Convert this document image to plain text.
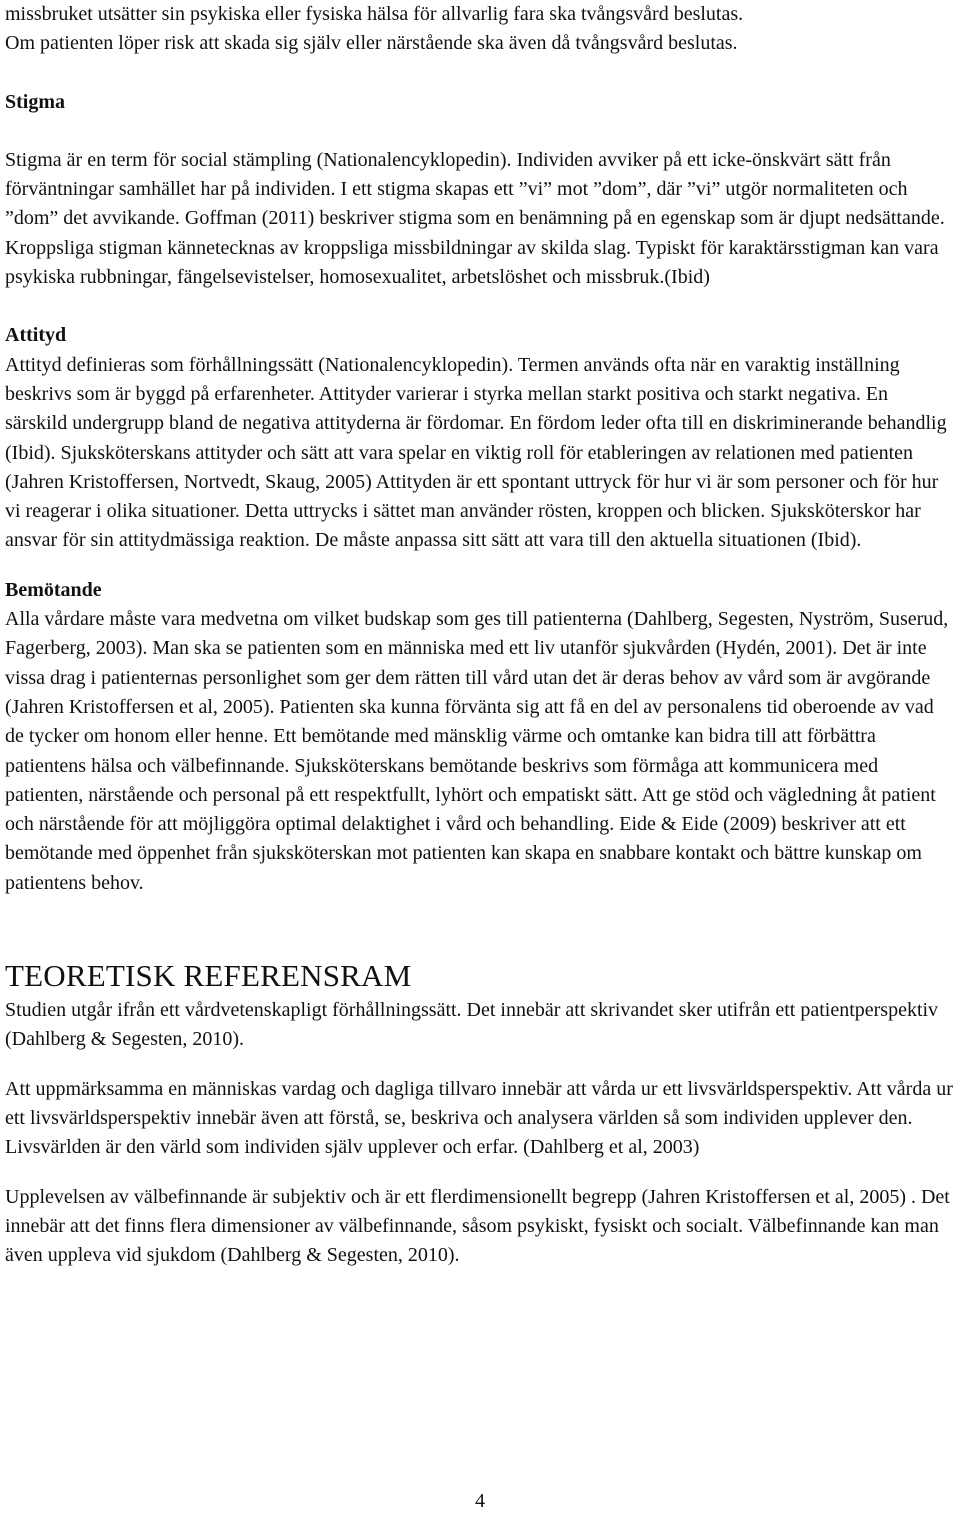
missbruket utsätter sin psykiska eller fysiska hälsa för allvarlig fara ska tvångsvård beslutas.

Om patienten löper risk att skada sig själv eller närstående ska även då tvångsvård beslutas.

Stigma

Stigma är en term för social stämpling (Nationalencyklopedin). Individen avviker på ett icke-önskvärt sätt från förväntningar samhället har på individen. I ett stigma skapas ett ”vi” mot ”dom”, där ”vi” utgör normaliteten och ”dom” det avvikande. Goffman (2011) beskriver stigma som en benämning på en egenskap som är djupt nedsättande. Kroppsliga stigman kännetecknas av kroppsliga missbildningar av skilda slag. Typiskt för karaktärsstigman kan vara psykiska rubbningar, fängelsevistelser, homosexualitet, arbetslöshet och missbruk.(Ibid)

Attityd

Attityd definieras som förhållningssätt (Nationalencyklopedin). Termen används ofta när en varaktig inställning beskrivs som är byggd på erfarenheter. Attityder varierar i styrka mellan starkt positiva och starkt negativa. En särskild undergrupp bland de negativa attityderna är fördomar. En fördom leder ofta till en diskriminerande behandlig (Ibid). Sjuksköterskans attityder och sätt att vara spelar en viktig roll för etableringen av relationen med patienten (Jahren Kristoffersen, Nortvedt, Skaug, 2005) Attityden är ett spontant uttryck för hur vi är som personer och för hur vi reagerar i olika situationer. Detta uttrycks i sättet man använder rösten, kroppen och blicken. Sjuksköterskor har ansvar för sin attitydmässiga reaktion. De måste anpassa sitt sätt att vara till den aktuella situationen (Ibid).

Bemötande

Alla vårdare måste vara medvetna om vilket budskap som ges till patienterna (Dahlberg, Segesten, Nyström, Suserud, Fagerberg, 2003). Man ska se patienten som en människa med ett liv utanför sjukvården (Hydén, 2001). Det är inte vissa drag i patienternas personlighet som ger dem rätten till vård utan det är deras behov av vård som är avgörande (Jahren Kristoffersen et al, 2005). Patienten ska kunna förvänta sig att få en del av personalens tid oberoende av vad de tycker om honom eller henne. Ett bemötande med mänsklig värme och omtanke kan bidra till att förbättra patientens hälsa och välbefinnande. Sjuksköterskans bemötande beskrivs som förmåga att kommunicera med patienten, närstående och personal på ett respektfullt, lyhört och empatiskt sätt. Att ge stöd och vägledning åt patient och närstående för att möjliggöra optimal delaktighet i vård och behandling. Eide & Eide (2009) beskriver att ett bemötande med öppenhet från sjuksköterskan mot patienten kan skapa en snabbare kontakt och bättre kunskap om patientens behov.

TEORETISK REFERENSRAM

Studien utgår ifrån ett vårdvetenskapligt förhållningssätt. Det innebär att skrivandet sker utifrån ett patientperspektiv (Dahlberg & Segesten, 2010).

Att uppmärksamma en människas vardag och dagliga tillvaro innebär att vårda ur ett livsvärldsperspektiv. Att vårda ur ett livsvärldsperspektiv innebär även att förstå, se, beskriva och analysera världen så som individen upplever den. Livsvärlden är den värld som individen själv upplever och erfar. (Dahlberg et al, 2003)

Upplevelsen av välbefinnande är subjektiv och är ett flerdimensionellt begrepp (Jahren Kristoffersen et al, 2005) . Det innebär att det finns flera dimensioner av välbefinnande, såsom psykiskt, fysiskt och socialt. Välbefinnande kan man även uppleva vid sjukdom (Dahlberg & Segesten, 2010).

4
